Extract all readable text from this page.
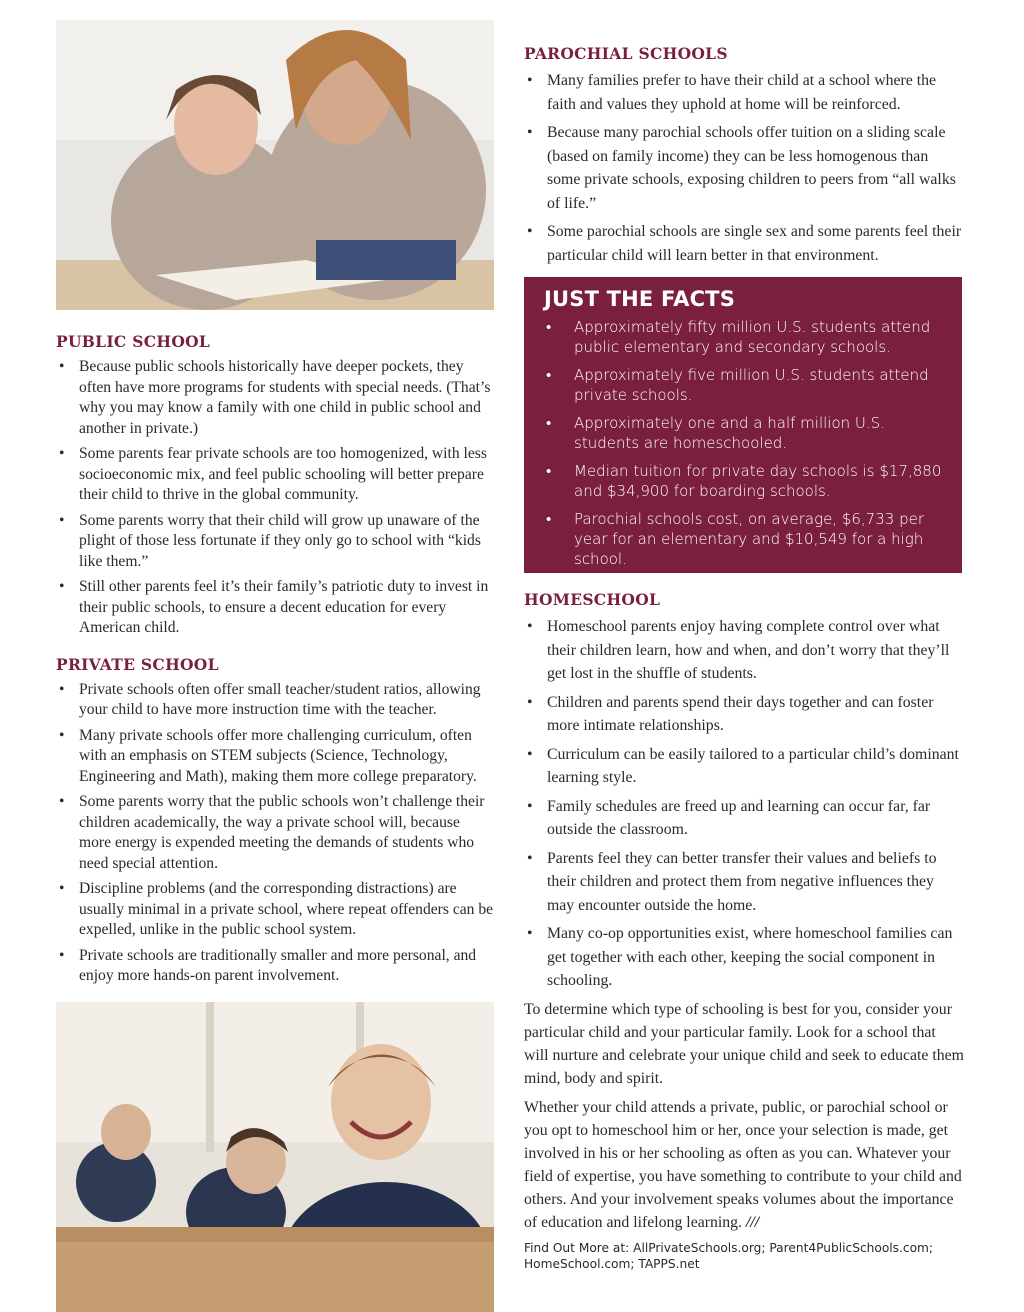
PUBLIC SCHOOL
• Because public schools historically have deeper pockets, they often have more programs for students with special needs. (That’s why you may know a family with one child in public school and another in private.)
• Some parents fear private schools are too homogenized, with less socioeconomic mix, and feel public schooling will better prepare their child to thrive in the global community.
• Some parents worry that their child will grow up unaware of the plight of those less fortunate if they only go to school with “kids like them.”
• Still other parents feel it’s their family’s patriotic duty to invest in their public schools, to ensure a decent education for every American child.
PRIVATE SCHOOL
• Private schools often offer small teacher/student ratios, allowing your child to have more instruction time with the teacher.
• Many private schools offer more challenging curriculum, often with an emphasis on STEM subjects (Science, Technology, Engineering and Math), making them more college preparatory.
• Some parents worry that the public schools won’t challenge their children academically, the way a private school will, because more energy is expended meeting the demands of students who need special attention.
• Discipline problems (and the corresponding distractions) are usually minimal in a private school, where repeat offenders can be expelled, unlike in the public school system.
• Private schools are traditionally smaller and more personal, and enjoy more hands-on parent involvement.
PAROCHIAL SCHOOLS
• Many families prefer to have their child at a school where the faith and values they uphold at home will be reinforced.
• Because many parochial schools offer tuition on a sliding scale (based on family income) they can be less homogenous than some private schools, exposing children to peers from “all walks of life.”
• Some parochial schools are single sex and some parents feel their particular child will learn better in that environment.
JUST THE FACTS
• Approximately fifty million U.S. students attend public elementary and secondary schools.
• Approximately five million U.S. students attend private schools.
• Approximately one and a half million U.S. students are homeschooled.
• Median tuition for private day schools is $17,880 and $34,900 for boarding schools.
• Parochial schools cost, on average, $6,733 per year for an elementary and $10,549 for a high school.
HOMESCHOOL
• Homeschool parents enjoy having complete control over what their children learn, how and when, and don’t worry that they’ll get lost in the shuffle of students.
• Children and parents spend their days together and can foster more intimate relationships.
• Curriculum can be easily tailored to a particular child’s dominant learning style.
• Family schedules are freed up and learning can occur far, far outside the classroom.
• Parents feel they can better transfer their values and beliefs to their children and protect them from negative influences they may encounter outside the home.
• Many co-op opportunities exist, where homeschool families can get together with each other, keeping the social component in schooling.

To determine which type of schooling is best for you, consider your particular child and your particular family. Look for a school that will nurture and celebrate your unique child and seek to educate them mind, body and spirit.

Whether your child attends a private, public, or parochial school or you opt to homeschool him or her, once your selection is made, get involved in his or her schooling as often as you can. Whatever your field of expertise, you have something to contribute to your child and others. And your involvement speaks volumes about the importance of education and lifelong learning. ///

Find Out More at: AllPrivateSchools.org; Parent4PublicSchools.com; HomeSchool.com; TAPPS.net
